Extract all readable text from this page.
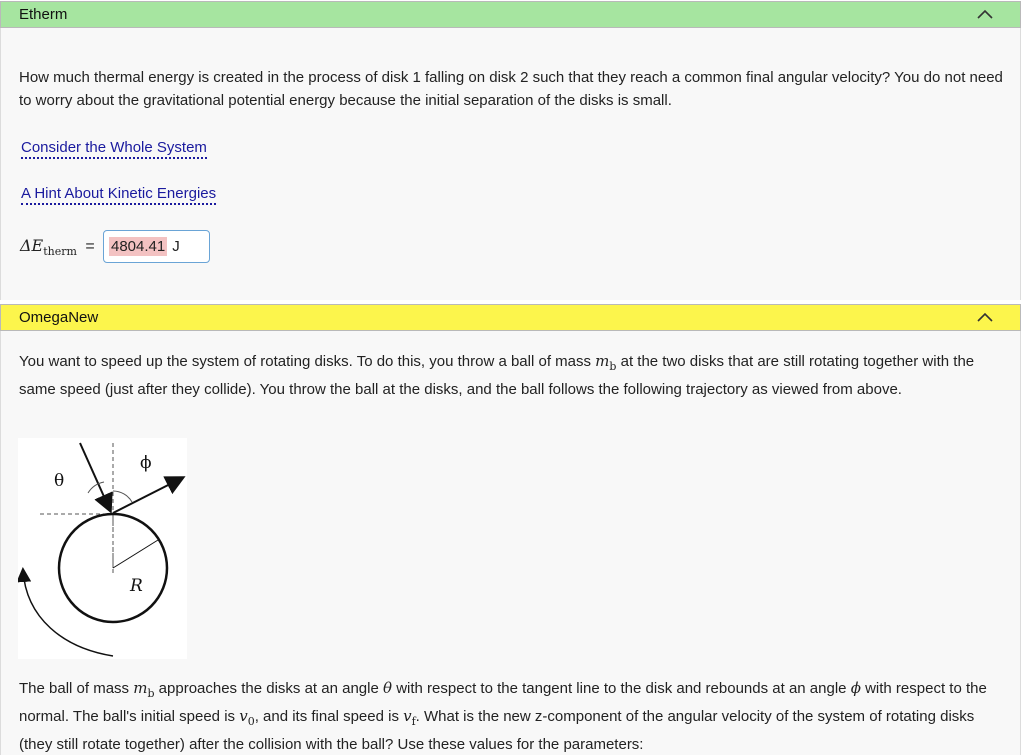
Etherm

How much thermal energy is created in the process of disk 1 falling on disk 2 such that they reach a common final angular velocity? You do not need to worry about the gravitational potential energy because the initial separation of the disks is small.

Consider the Whole System
A Hint About Kinetic Energies
$\Delta E_{therm} = 4804.41$ J
OmegaNew

You want to speed up the system of rotating disks. To do this, you throw a ball of mass $m_b$ at the two disks that are still rotating together with the same speed (just after they collide). You throw the ball at the disks, and the ball follows the following trajectory as viewed from above.

θ
ϕ
R

The ball of mass $m_b$ approaches the disks at an angle θ with respect to the tangent line to the disk and rebounds at an angle ϕ with respect to the normal. The ball's initial speed is $v_0$, and its final speed is $v_f$. What is the new z-component of the angular velocity of the system of rotating disks (they still rotate together) after the collision with the ball? Use these values for the parameters:
